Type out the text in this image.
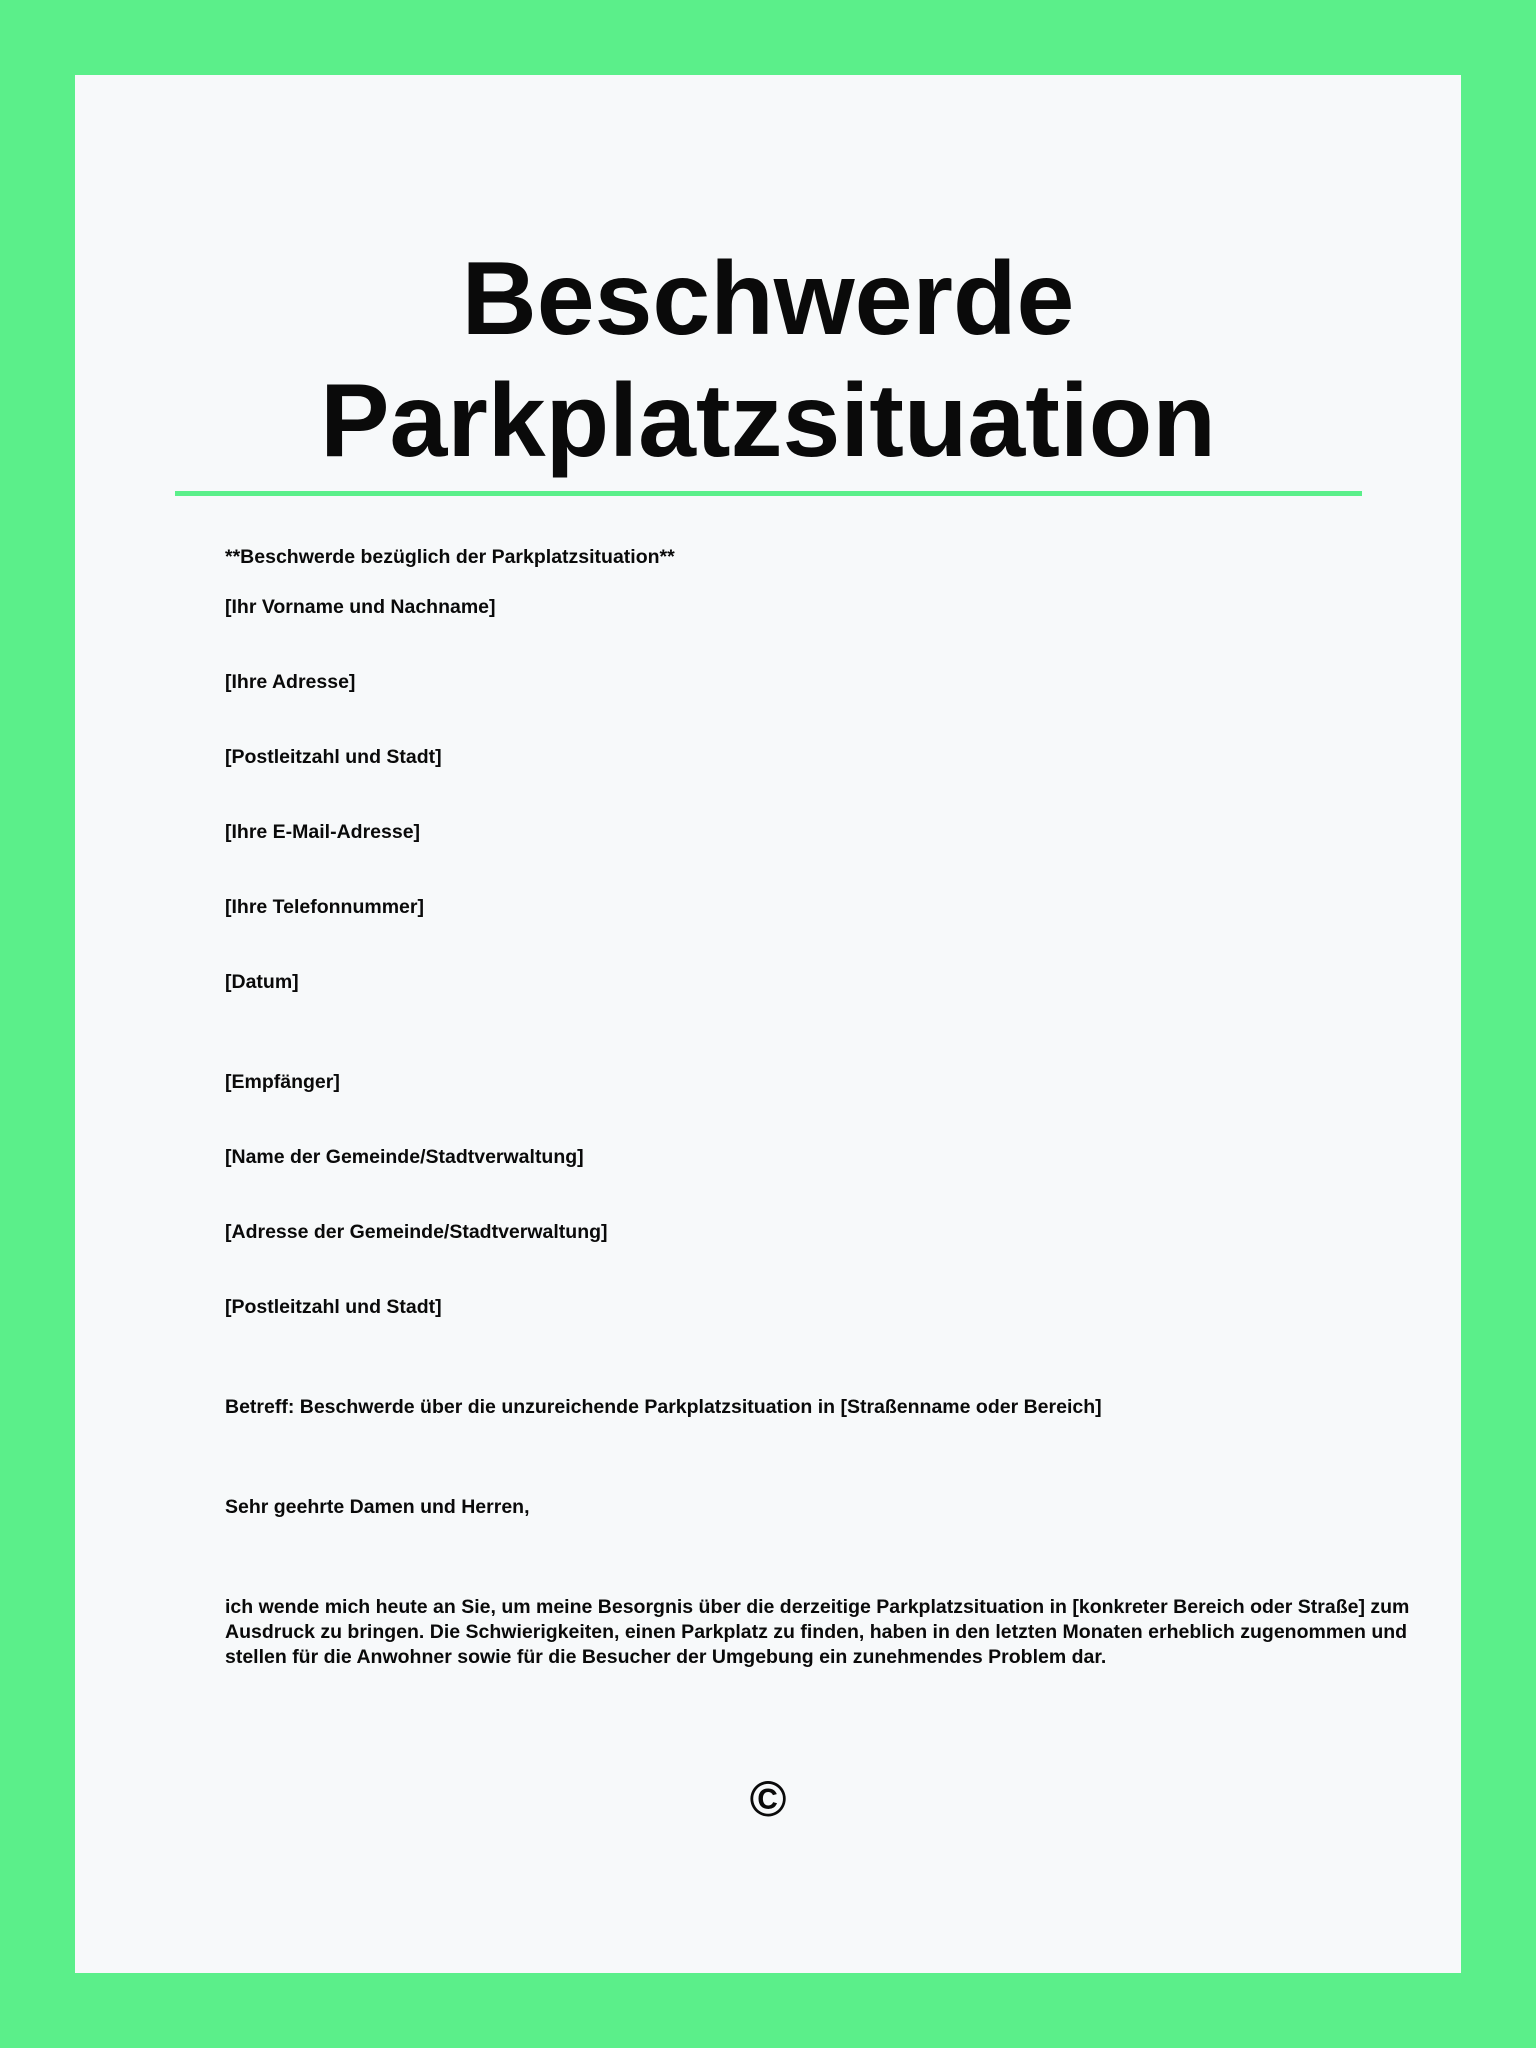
Beschwerde
Parkplatzsituation
**Beschwerde bezüglich der Parkplatzsituation**
[Ihr Vorname und Nachname]
[Ihre Adresse]
[Postleitzahl und Stadt]
[Ihre E-Mail-Adresse]
[Ihre Telefonnummer]
[Datum]
[Empfänger]
[Name der Gemeinde/Stadtverwaltung]
[Adresse der Gemeinde/Stadtverwaltung]
[Postleitzahl und Stadt]
Betreff: Beschwerde über die unzureichende Parkplatzsituation in [Straßenname oder Bereich]
Sehr geehrte Damen und Herren,
ich wende mich heute an Sie, um meine Besorgnis über die derzeitige Parkplatzsituation in [konkreter Bereich oder Straße] zum Ausdruck zu bringen. Die Schwierigkeiten, einen Parkplatz zu finden, haben in den letzten Monaten erheblich zugenommen und stellen für die Anwohner sowie für die Besucher der Umgebung ein zunehmendes Problem dar.
©
